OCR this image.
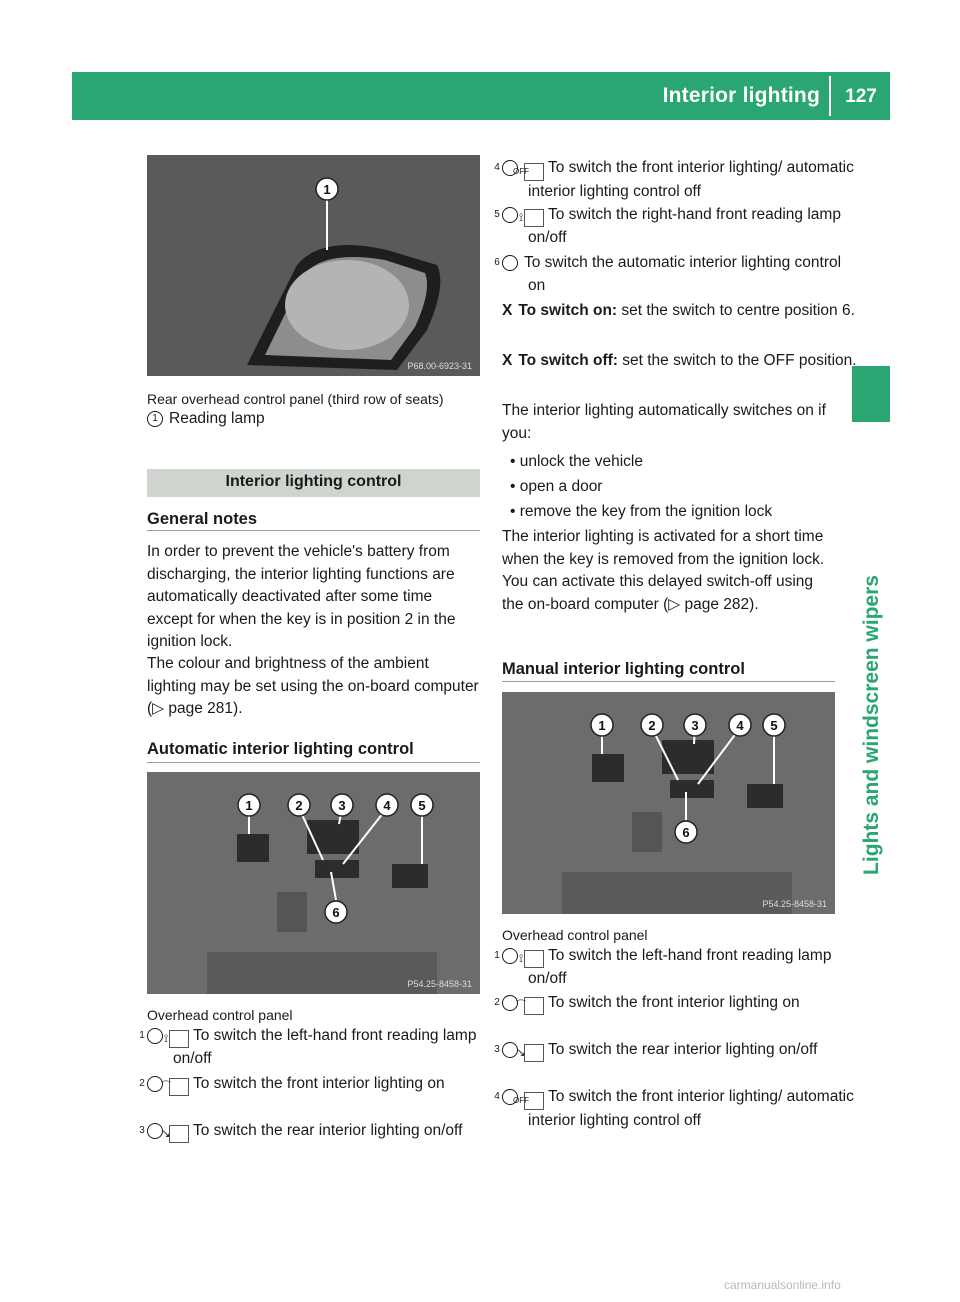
Interior lighting	127
Lights and windscreen wipers
1
P68.00-6923-31
Rear overhead control panel (third row of seats)
1 Reading lamp
Interior lighting control
General notes
In order to prevent the vehicle's battery from discharging, the interior lighting functions are automatically deactivated after some time except for when the key is in position 2 in the ignition lock.
The colour and brightness of the ambient lighting may be set using the on-board computer (▷ page 281).
Automatic interior lighting control
1	2	3	4 5
6
P54.25-8458-31
Overhead control panel
1 ⟟ To switch the left-hand front reading lamp on/off
2 ⌒ To switch the front interior lighting on
3 ↘ To switch the rear interior lighting on/off
4 OFF To switch the front interior lighting/ automatic interior lighting control off
5 ⟟ To switch the right-hand front reading lamp on/off
6 To switch the automatic interior lighting control on
X To switch on: set the switch to centre position 6.
X To switch off: set the switch to the OFF position.
The interior lighting automatically switches on if you:
• unlock the vehicle
• open a door
• remove the key from the ignition lock
The interior lighting is activated for a short time when the key is removed from the ignition lock. You can activate this delayed switch-off using the on-board computer (▷ page 282).
Manual interior lighting control
1	2	3	4 5
6
P54.25-8458-31
Overhead control panel
1 ⟟ To switch the left-hand front reading lamp on/off
2 ⌒ To switch the front interior lighting on
3 ↘ To switch the rear interior lighting on/off
4 OFF To switch the front interior lighting/ automatic interior lighting control off
carmanualsonline.info
